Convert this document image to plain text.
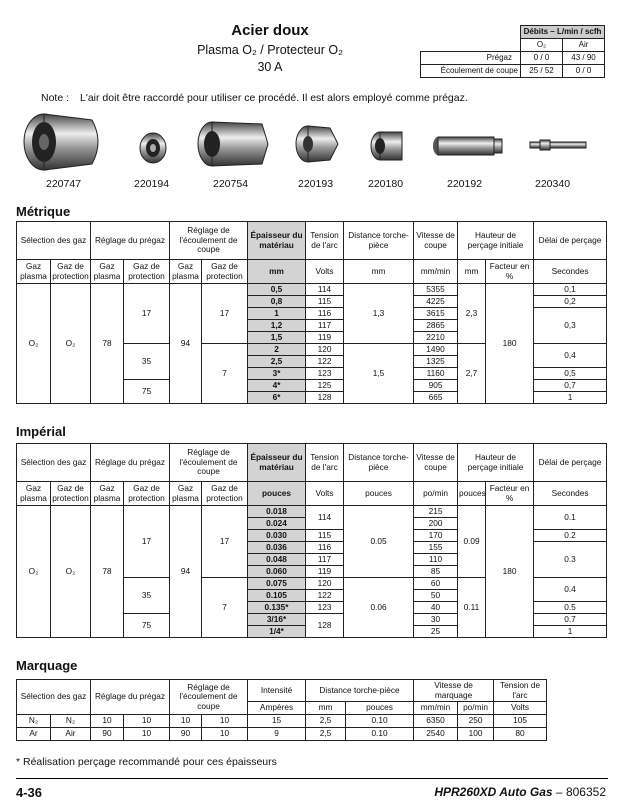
Acier doux
Plasma O₂ / Protecteur O₂
30 A
	Débits – L/min / scfh	
	O₂	Air
Prégaz	0 / 0	43 / 90
Écoulement de coupe	25 / 52	0 / 0
Note : L'air doit être raccordé pour utiliser ce procédé. Il est alors employé comme prégaz.
220747	220194	220754	220193	220180	220192	220340
Métrique
Sélection des gaz		Réglage du prégaz		Réglage de l'écoulement de coupe		Épaisseur du matériau	Tension de l'arc	Distance torche-pièce	Vitesse de coupe	Hauteur de perçage initiale		Délai de perçage
Gaz plasma	Gaz de protection	Gaz plasma	Gaz de protection	Gaz plasma	Gaz de protection	mm	Volts	mm	mm/min	mm	Facteur en %	Secondes
O₂	O₂	78	17	94	17	0,5	114	1,3	5355	2,3	180	0,1
						0,8	115		4225			0,2
						1	116		3615			0,3
						1,2	117		2865			
						1,5	119		2210			
			35		7	2	120	1,5	1490	2,7		0,4
						2,5	122		1325			
						3*	123		1160			0,5
			75			4*	125		905			0,7
						6*	128		665			1
Impérial
Sélection des gaz		Réglage du prégaz		Réglage de l'écoulement de coupe		Épaisseur du matériau	Tension de l'arc	Distance torche-pièce	Vitesse de coupe	Hauteur de perçage initiale		Délai de perçage
Gaz plasma	Gaz de protection	Gaz plasma	Gaz de protection	Gaz plasma	Gaz de protection	pouces	Volts	pouces	po/min	pouces	Facteur en %	Secondes
O₂	O₂	78	17	94	17	0.018	114	0.05	215	0.09	180	0.1
						0.024			200			
						0.030	115		170			0.2
						0.036	116		155			0.3
						0.048	117		110			
						0.060	119		85			
			35		7	0.075	120	0.06	60	0.11		0.4
						0.105	122		50			
						0.135*	123		40			0.5
			75			3/16*	128		30			0.7
						1/4*			25			1
Marquage
Sélection des gaz		Réglage du prégaz		Réglage de l'écoulement de coupe		Intensité	Distance torche-pièce		Vitesse de marquage		Tension de l'arc
						Ampères	mm	pouces	mm/min	po/min	Volts
N₂	N₂	10	10	10	10	15	2,5	0.10	6350	250	105
Ar	Air	90	10	90	10	9	2,5	0.10	2540	100	80
* Réalisation perçage recommandé pour ces épaisseurs
4-36	HPR260XD Auto Gas – 806352
